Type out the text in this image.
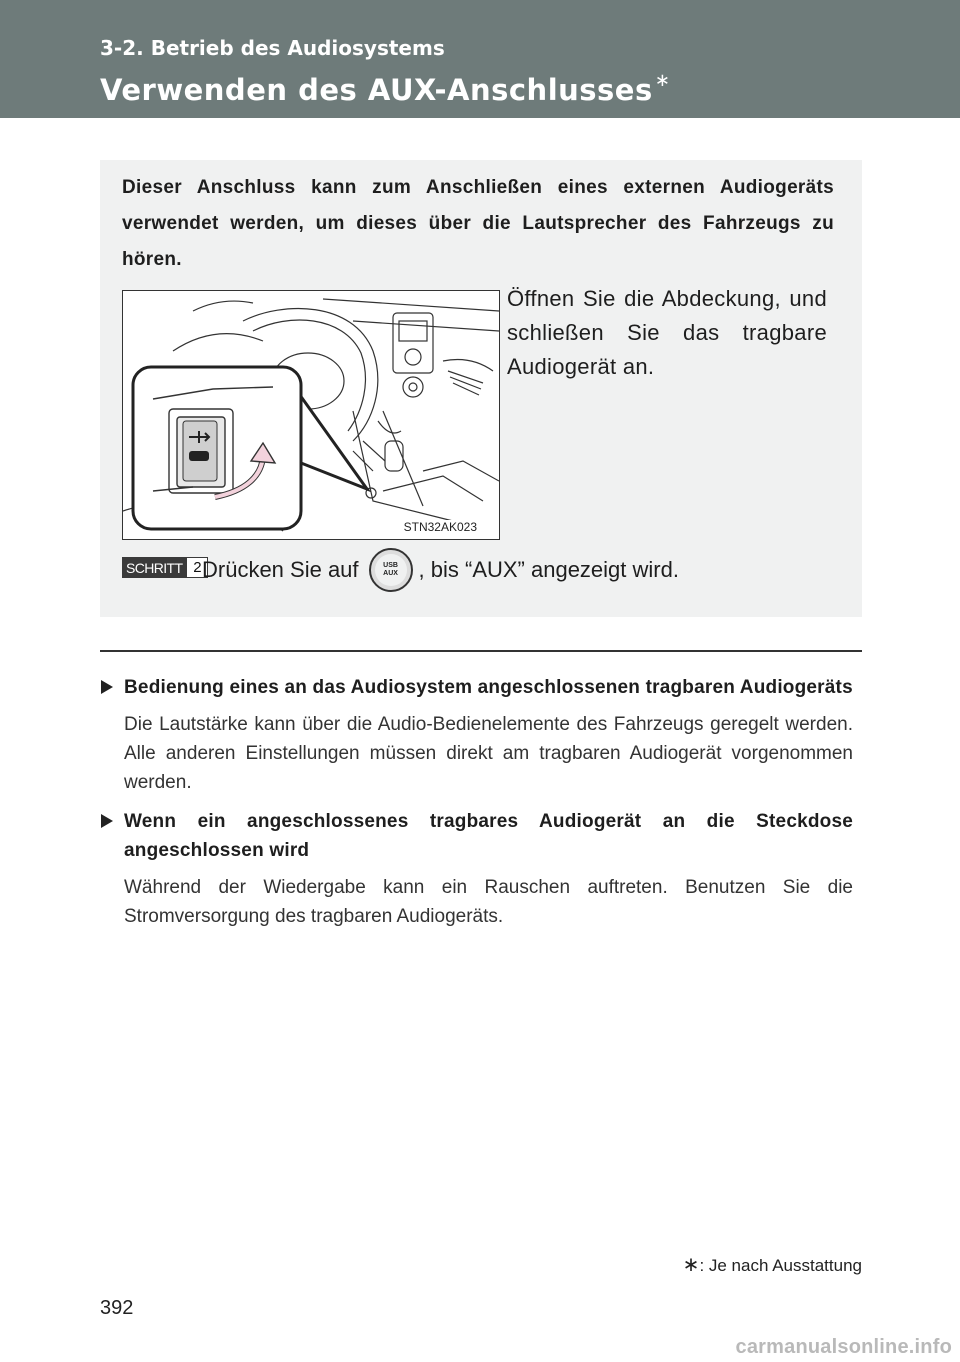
3-2. Betrieb des Audiosystems
Verwenden des AUX-Anschlusses ∗
Dieser Anschluss kann zum Anschließen eines externen Audiogeräts verwendet werden, um dieses über die Lautsprecher des Fahrzeugs zu hören.
STN32AK023
Öffnen Sie die Abdeckung, und schließen Sie das tragbare Audiogerät an.
SCHRITT 2 Drücken Sie auf	USB
AUX , bis “AUX” angezeigt wird.
Bedienung eines an das Audiosystem angeschlossenen tragbaren Audiogeräts
Die Lautstärke kann über die Audio-Bedienelemente des Fahrzeugs geregelt werden. Alle anderen Einstellungen müssen direkt am tragbaren Audiogerät vorgenommen werden.
Wenn ein angeschlossenes tragbares Audiogerät an die Steckdose angeschlossen wird
Während der Wiedergabe kann ein Rauschen auftreten. Benutzen Sie die Stromversorgung des tragbaren Audiogeräts.
∗: Je nach Ausstattung
392
carmanualsonline.info
